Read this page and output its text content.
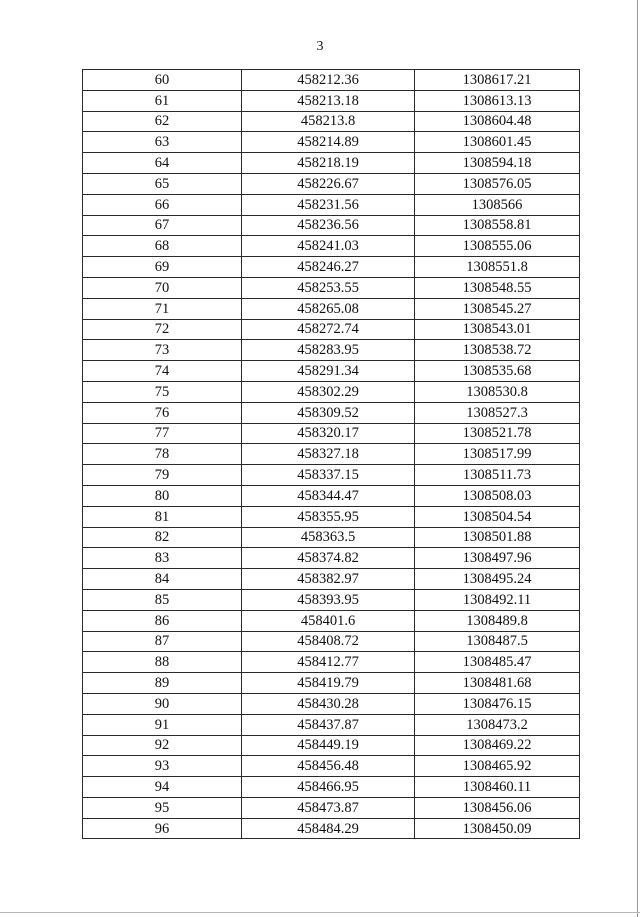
3
60	458212.36	1308617.21
61	458213.18	1308613.13
62	458213.8	1308604.48
63	458214.89	1308601.45
64	458218.19	1308594.18
65	458226.67	1308576.05
66	458231.56	1308566
67	458236.56	1308558.81
68	458241.03	1308555.06
69	458246.27	1308551.8
70	458253.55	1308548.55
71	458265.08	1308545.27
72	458272.74	1308543.01
73	458283.95	1308538.72
74	458291.34	1308535.68
75	458302.29	1308530.8
76	458309.52	1308527.3
77	458320.17	1308521.78
78	458327.18	1308517.99
79	458337.15	1308511.73
80	458344.47	1308508.03
81	458355.95	1308504.54
82	458363.5	1308501.88
83	458374.82	1308497.96
84	458382.97	1308495.24
85	458393.95	1308492.11
86	458401.6	1308489.8
87	458408.72	1308487.5
88	458412.77	1308485.47
89	458419.79	1308481.68
90	458430.28	1308476.15
91	458437.87	1308473.2
92	458449.19	1308469.22
93	458456.48	1308465.92
94	458466.95	1308460.11
95	458473.87	1308456.06
96	458484.29	1308450.09
